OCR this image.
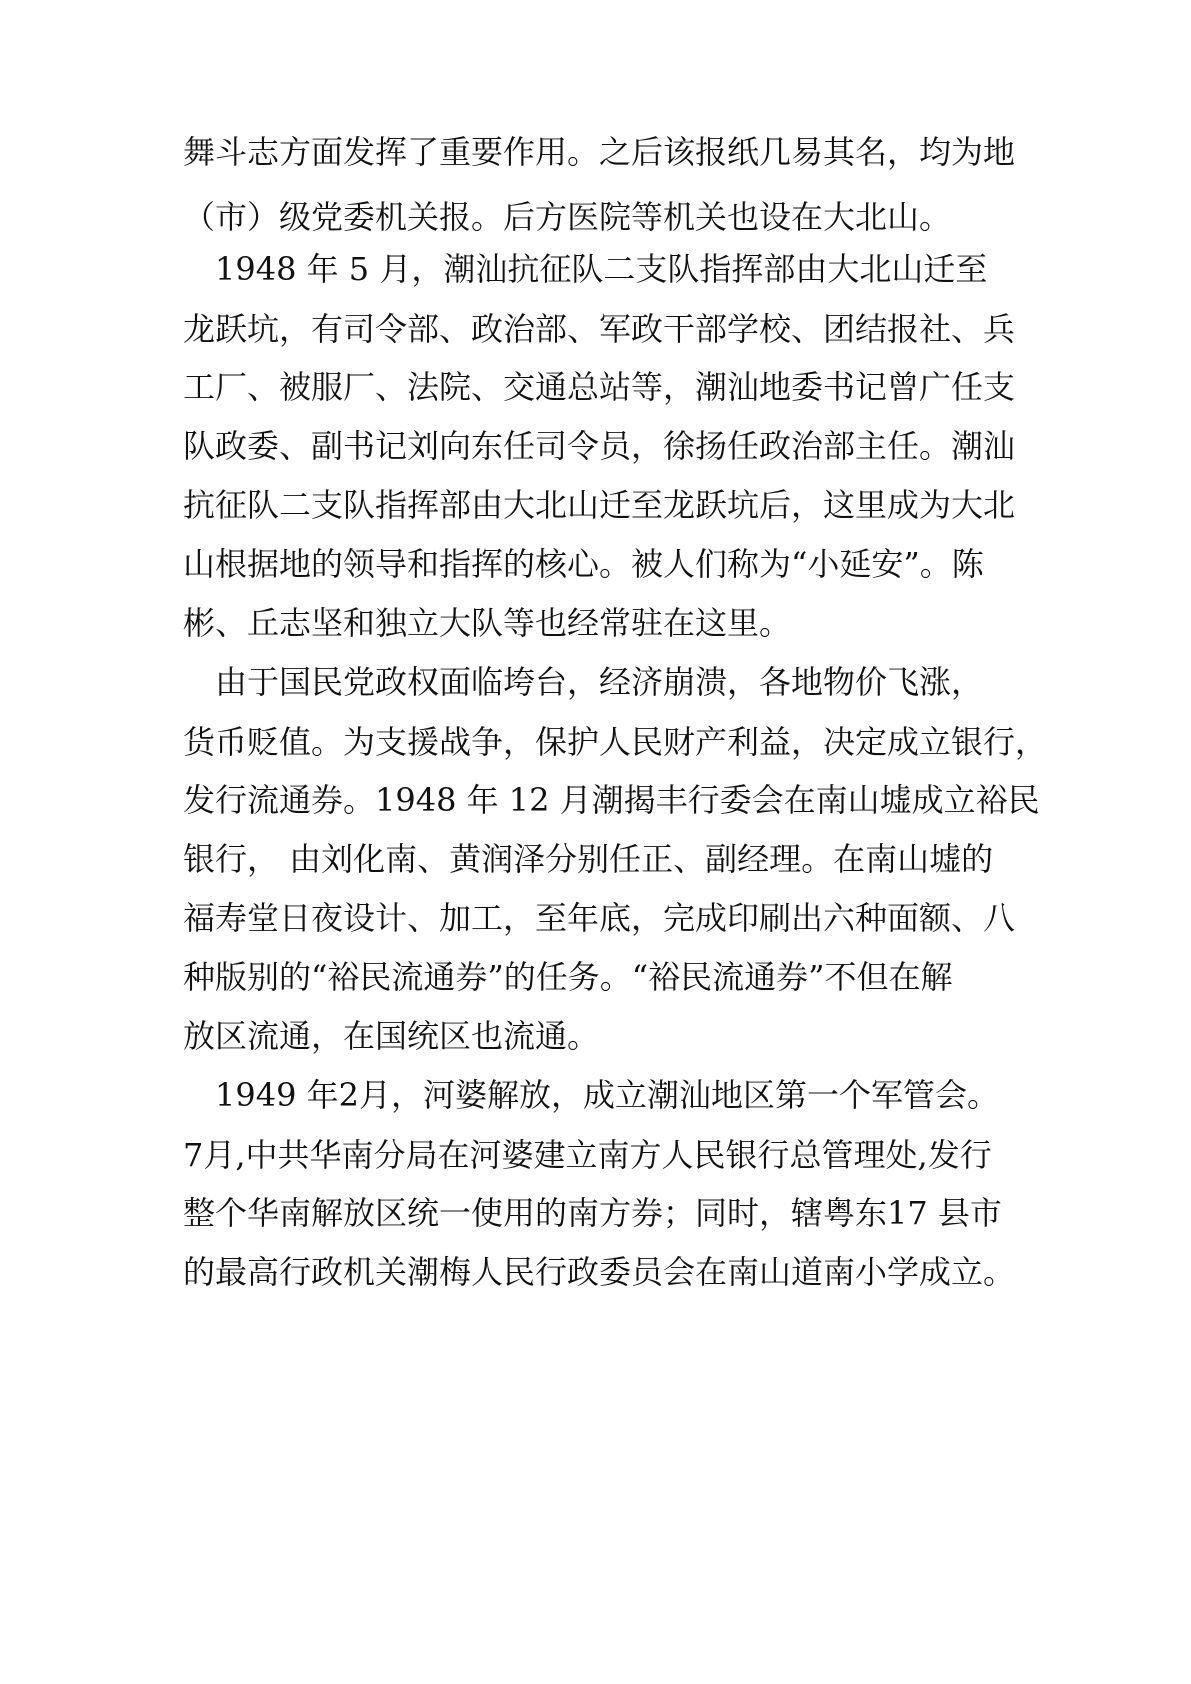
舞斗志方面发挥了重要作用。之后该报纸几易其名，均为地
（市）级党委机关报。后方医院等机关也设在大北山。
　1948 年 5 月，潮汕抗征队二支队指挥部由大北山迁至
龙跃坑，有司令部、政治部、军政干部学校、团结报社、兵
工厂、被服厂、法院、交通总站等，潮汕地委书记曾广任支
队政委、副书记刘向东任司令员，徐扬任政治部主任。潮汕
抗征队二支队指挥部由大北山迁至龙跃坑后，这里成为大北
山根据地的领导和指挥的核心。被人们称为“小延安”。陈
彬、丘志坚和独立大队等也经常驻在这里。
　由于国民党政权面临垮台，经济崩溃，各地物价飞涨，
货币贬值。为支援战争，保护人民财产利益，决定成立银行，
发行流通券。1948 年 12 月潮揭丰行委会在南山墟成立裕民
银行， 由刘化南、黄润泽分别任正、副经理。在南山墟的
福寿堂日夜设计、加工，至年底，完成印刷出六种面额、八
种版别的“裕民流通券”的任务。“裕民流通券”不但在解
放区流通，在国统区也流通。
　1949 年2月，河婆解放，成立潮汕地区第一个军管会。
7月,中共华南分局在河婆建立南方人民银行总管理处,发行
整个华南解放区统一使用的南方券；同时，辖粤东17 县市
的最高行政机关潮梅人民行政委员会在南山道南小学成立。
